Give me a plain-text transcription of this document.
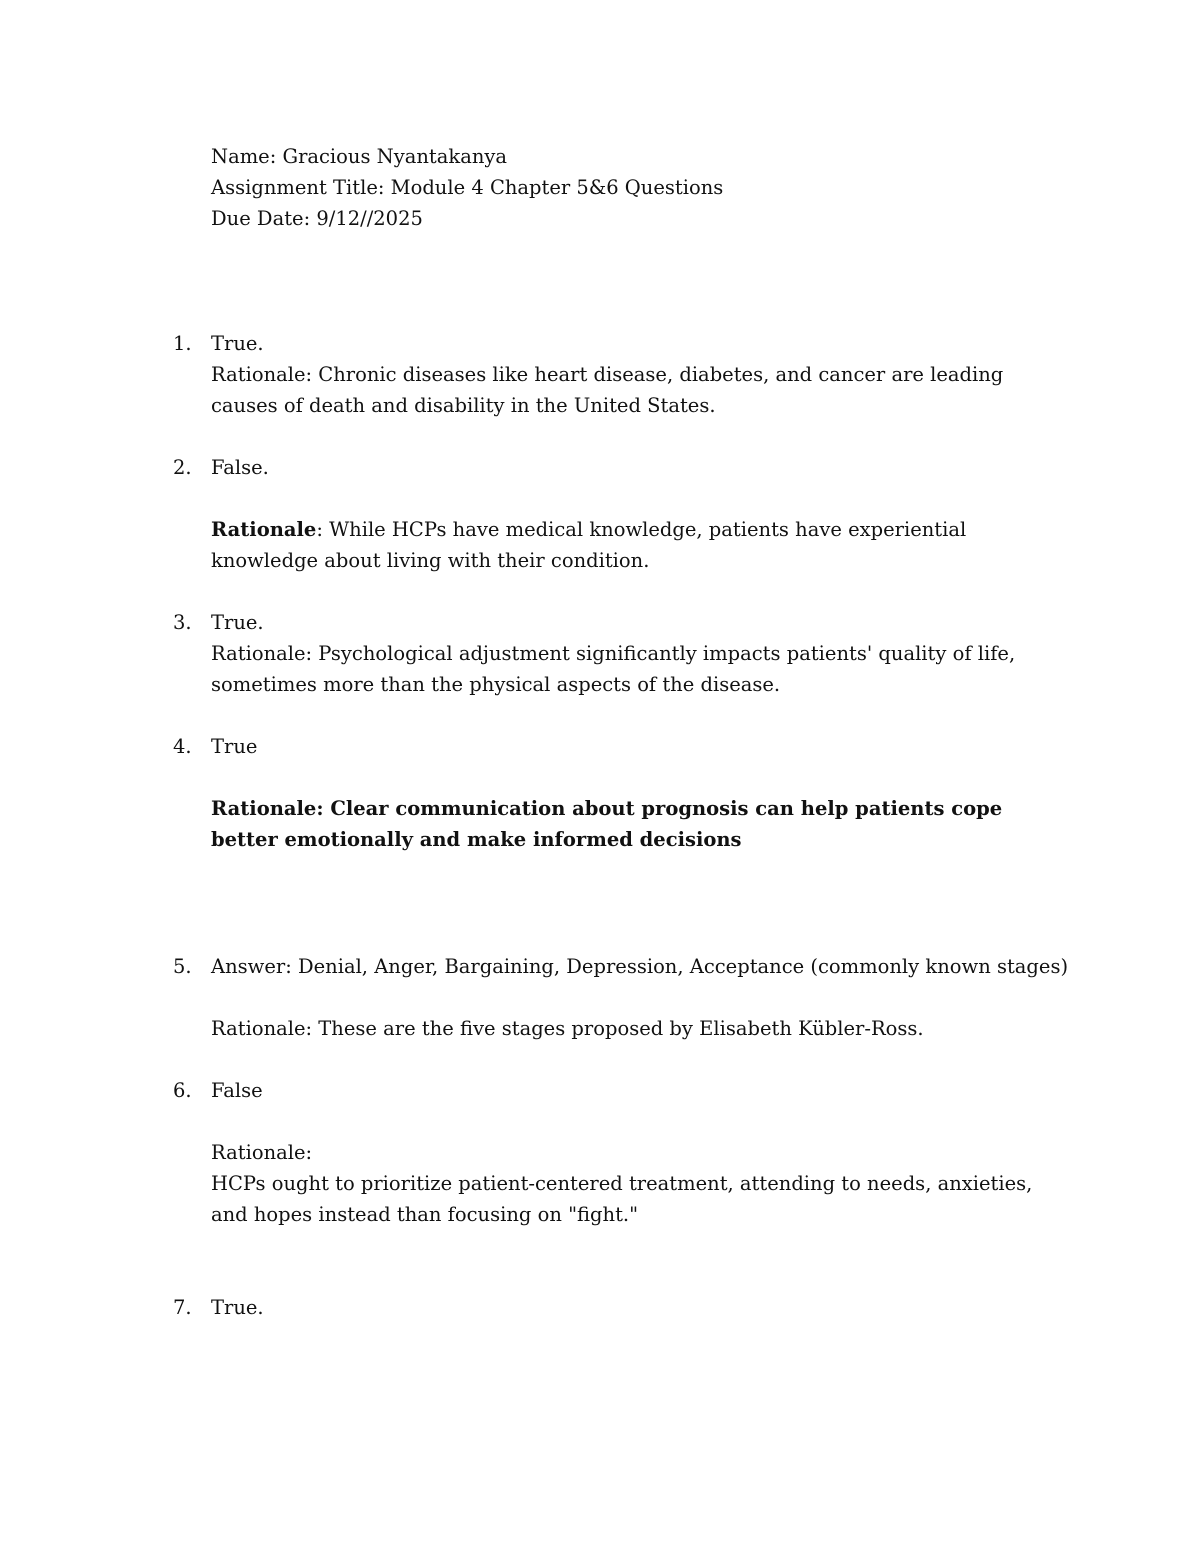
Name: Gracious Nyantakanya
Assignment Title: Module 4 Chapter 5&6 Questions
Due Date: 9/12//2025
1. True.
Rationale: Chronic diseases like heart disease, diabetes, and cancer are leading causes of death and disability in the United States.
2. False.
Rationale: While HCPs have medical knowledge, patients have experiential knowledge about living with their condition.
3. True.
Rationale: Psychological adjustment significantly impacts patients' quality of life, sometimes more than the physical aspects of the disease.
4. True
Rationale: Clear communication about prognosis can help patients cope better emotionally and make informed decisions
5. Answer: Denial, Anger, Bargaining, Depression, Acceptance (commonly known stages)
Rationale: These are the five stages proposed by Elisabeth Kübler-Ross.
6. False
Rationale:
HCPs ought to prioritize patient-centered treatment, attending to needs, anxieties, and hopes instead than focusing on "fight."
7. True.
